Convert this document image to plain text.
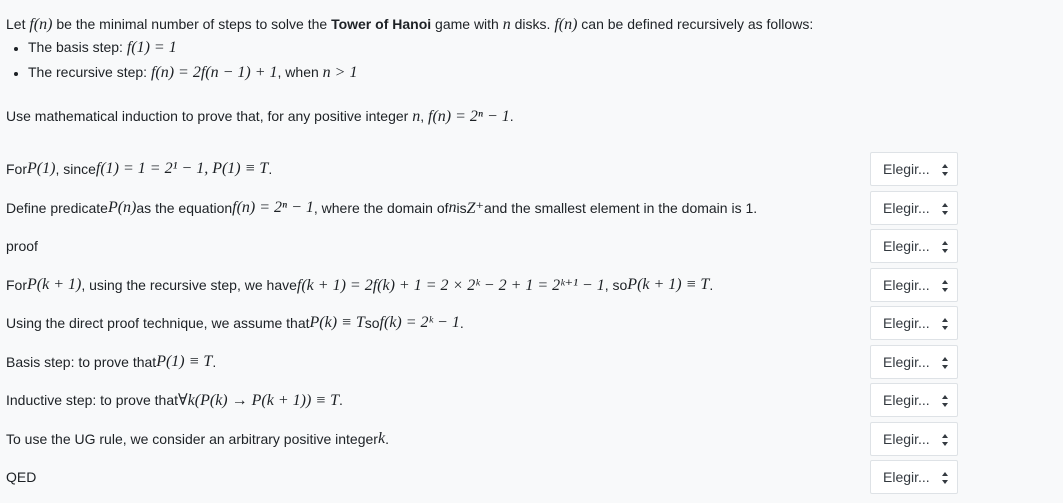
Let f(n) be the minimal number of steps to solve the Tower of Hanoi game with n disks. f(n) can be defined recursively as follows:

• The basis step: f(1) = 1
• The recursive step: f(n) = 2f(n − 1) + 1, when n > 1

Use mathematical induction to prove that, for any positive integer n, f(n) = 2ⁿ − 1.

For P(1) , since f(1) = 1 = 2¹ − 1, P(1) ≡ T .	Elegir...
Define predicate P(n) as the equation f(n) = 2ⁿ − 1 , where the domain of n is Z⁺ and the smallest element in the domain is 1.	Elegir...
proof	Elegir...
For P(k + 1) , using the recursive step, we have f(k + 1) = 2f(k) + 1 = 2 × 2ᵏ − 2 + 1 = 2ᵏ⁺¹ − 1 , so P(k + 1) ≡ T .	Elegir...
Using the direct proof technique, we assume that P(k) ≡ T so f(k) = 2ᵏ − 1 .	Elegir...
Basis step: to prove that P(1) ≡ T .	Elegir...
Inductive step: to prove that ∀k(P(k) → P(k + 1)) ≡ T .	Elegir...
To use the UG rule, we consider an arbitrary positive integer k .	Elegir...
QED	Elegir...
